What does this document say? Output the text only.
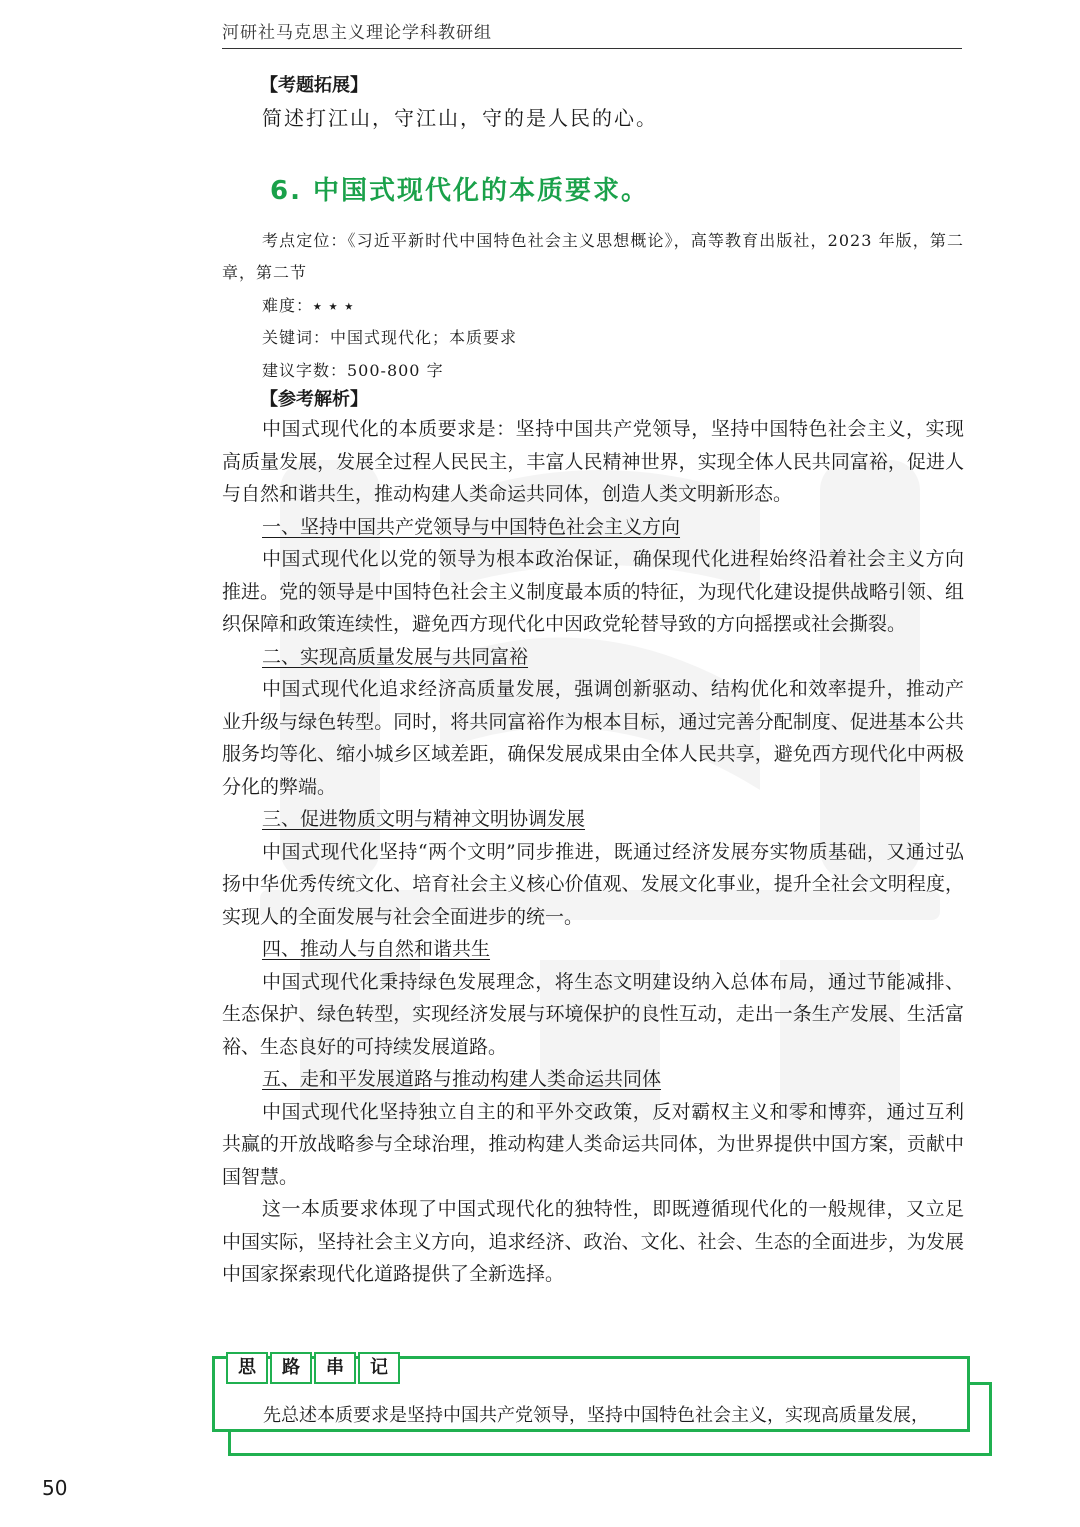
河研社马克思主义理论学科教研组
【考题拓展】

简述打江山，守江山，守的是人民的心。

6. 中国式现代化的本质要求。

考点定位：《习近平新时代中国特色社会主义思想概论》，高等教育出版社，2023 年版，第二章，第二节

难度：⭑ ⭑ ⭑

关键词：中国式现代化；本质要求

建议字数：500-800 字

【参考解析】

中国式现代化的本质要求是：坚持中国共产党领导，坚持中国特色社会主义，实现高质量发展，发展全过程人民民主，丰富人民精神世界，实现全体人民共同富裕，促进人与自然和谐共生，推动构建人类命运共同体，创造人类文明新形态。

一、坚持中国共产党领导与中国特色社会主义方向

中国式现代化以党的领导为根本政治保证，确保现代化进程始终沿着社会主义方向推进。党的领导是中国特色社会主义制度最本质的特征，为现代化建设提供战略引领、组织保障和政策连续性，避免西方现代化中因政党轮替导致的方向摇摆或社会撕裂。

二、实现高质量发展与共同富裕

中国式现代化追求经济高质量发展，强调创新驱动、结构优化和效率提升，推动产业升级与绿色转型。同时，将共同富裕作为根本目标，通过完善分配制度、促进基本公共服务均等化、缩小城乡区域差距，确保发展成果由全体人民共享，避免西方现代化中两极分化的弊端。

三、促进物质文明与精神文明协调发展

中国式现代化坚持“两个文明”同步推进，既通过经济发展夯实物质基础，又通过弘扬中华优秀传统文化、培育社会主义核心价值观、发展文化事业，提升全社会文明程度，实现人的全面发展与社会全面进步的统一。

四、推动人与自然和谐共生

中国式现代化秉持绿色发展理念，将生态文明建设纳入总体布局，通过节能减排、生态保护、绿色转型，实现经济发展与环境保护的良性互动，走出一条生产发展、生活富裕、生态良好的可持续发展道路。

五、走和平发展道路与推动构建人类命运共同体

中国式现代化坚持独立自主的和平外交政策，反对霸权主义和零和博弈，通过互利共赢的开放战略参与全球治理，推动构建人类命运共同体，为世界提供中国方案，贡献中国智慧。

这一本质要求体现了中国式现代化的独特性，即既遵循现代化的一般规律，又立足中国实际，坚持社会主义方向，追求经济、政治、文化、社会、生态的全面进步，为发展中国家探索现代化道路提供了全新选择。

先总述本质要求是坚持中国共产党领导，坚持中国特色社会主义，实现高质量发展，
思	路	串	记
50
